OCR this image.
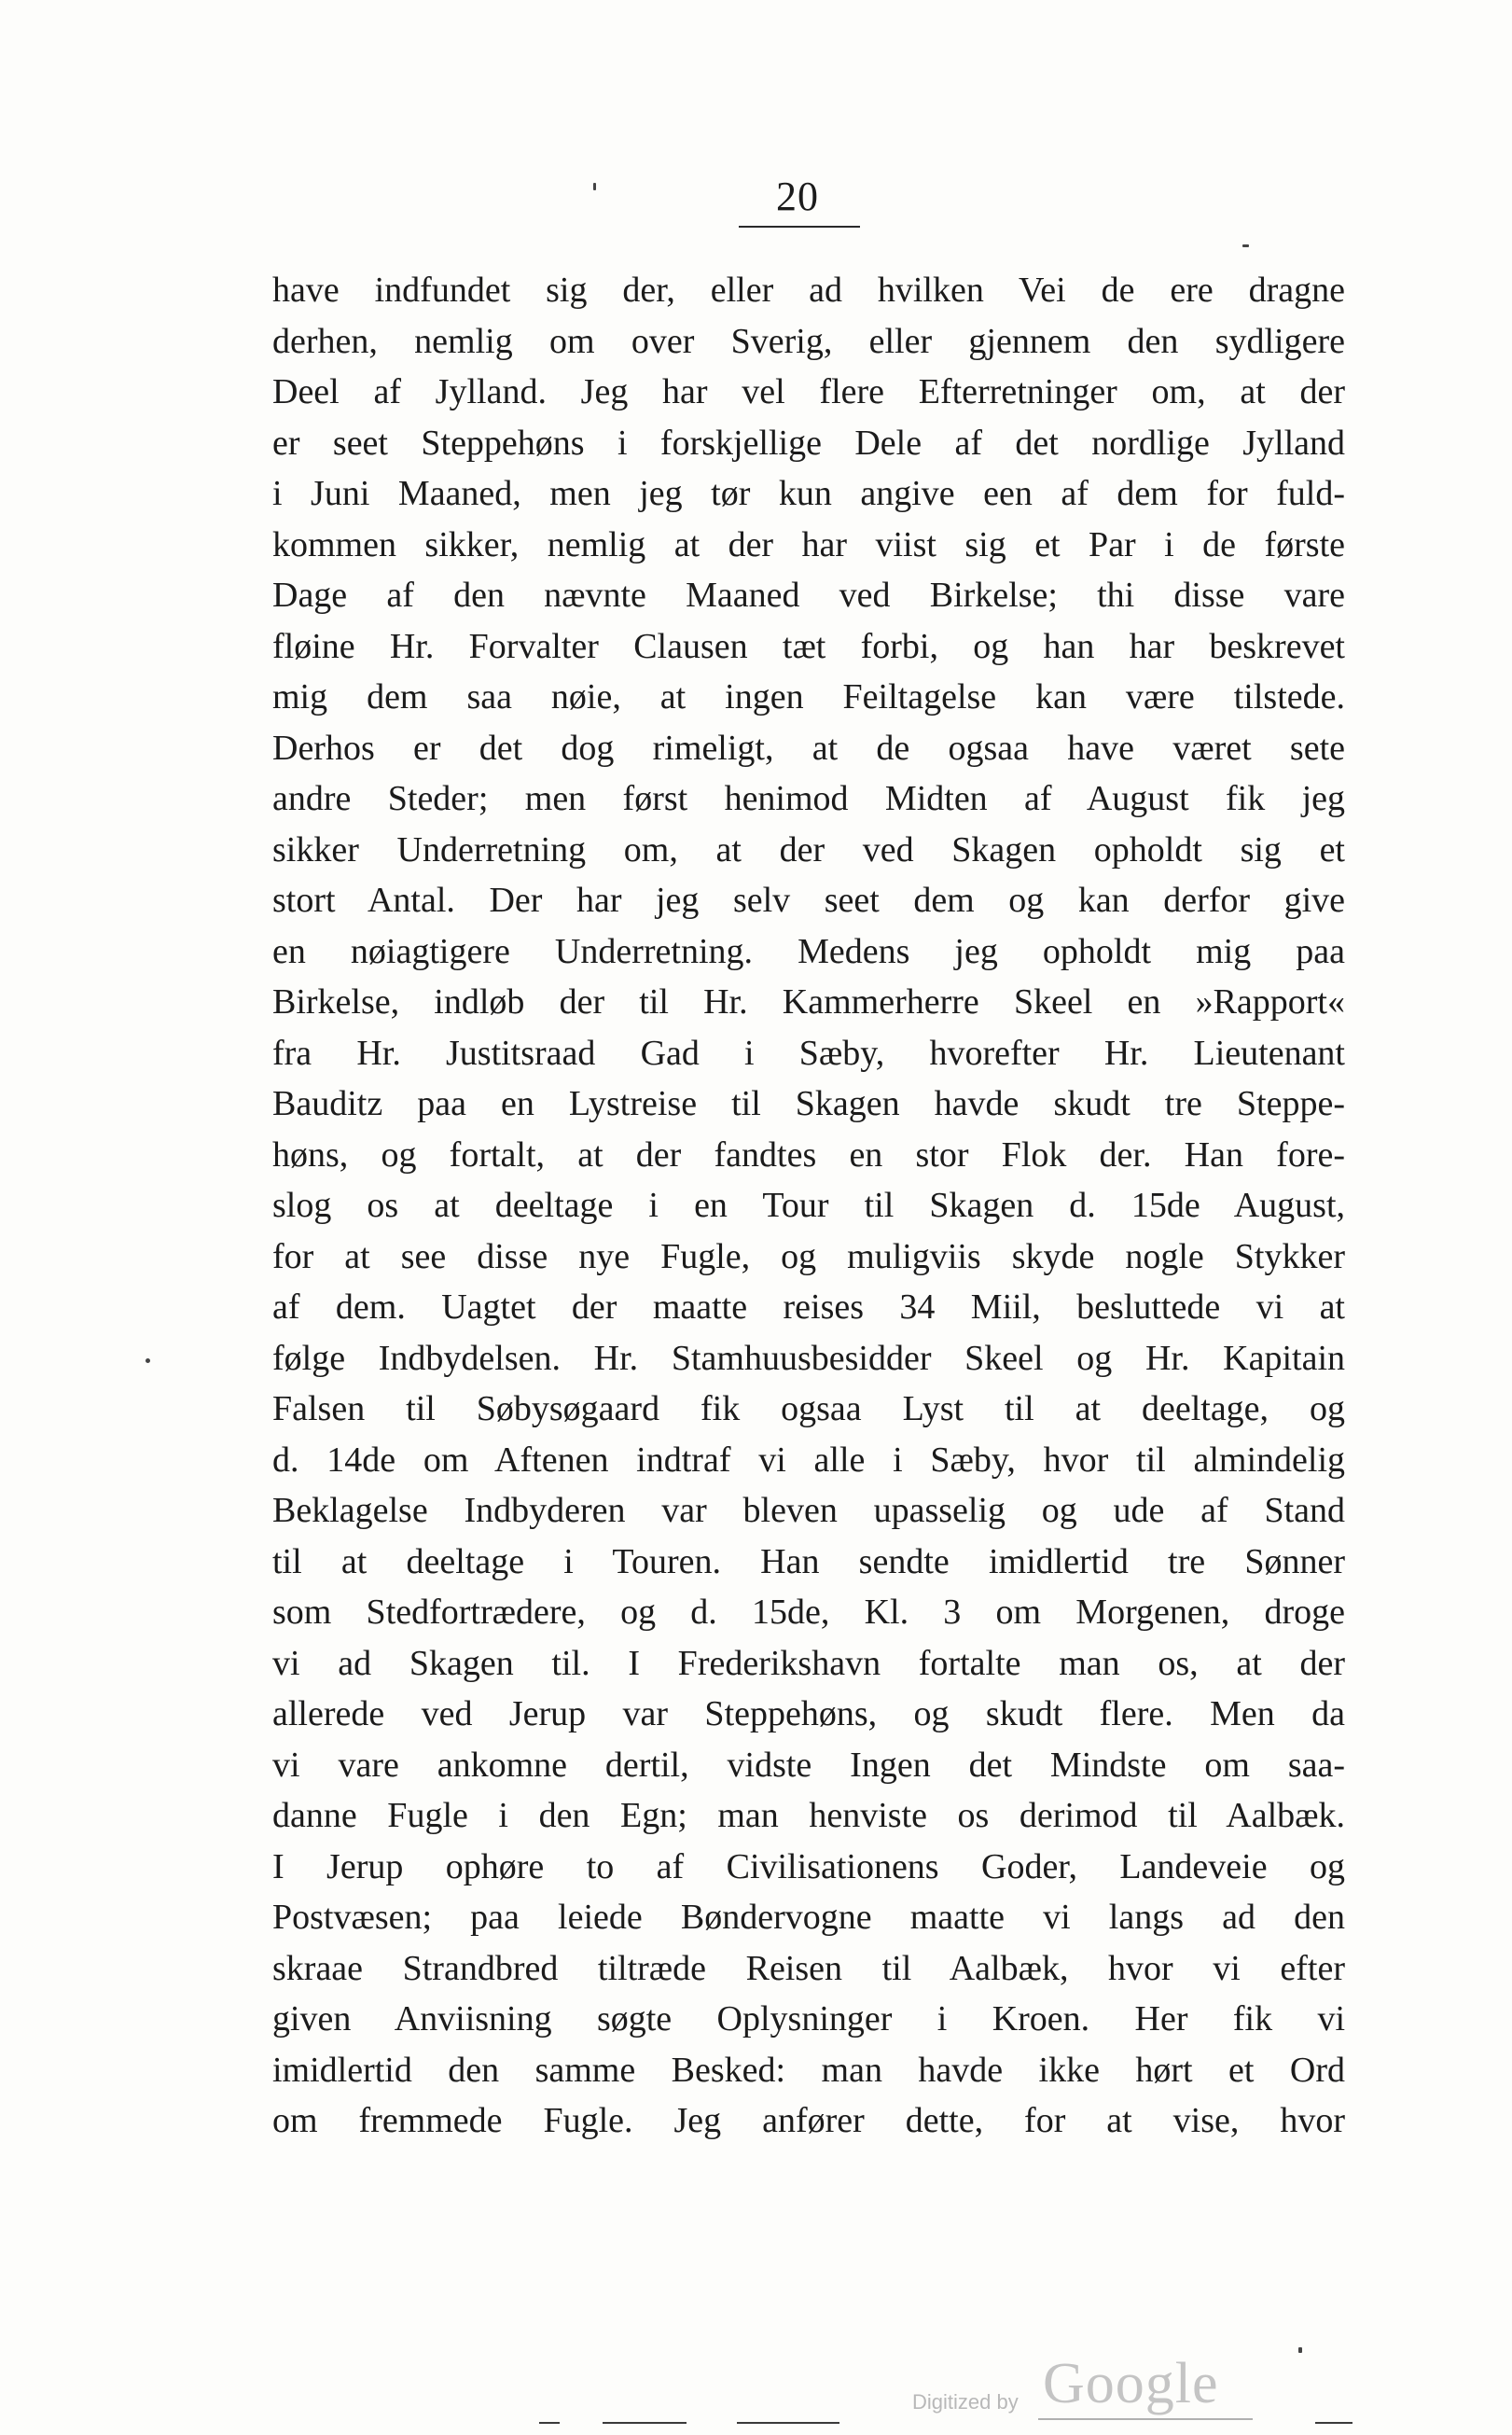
20
have indfundet sig der, eller ad hvilken Vei de ere dragne
derhen, nemlig om over Sverig, eller gjennem den sydligere
Deel af Jylland. Jeg har vel flere Efterretninger om, at der
er seet Steppehøns i forskjellige Dele af det nordlige Jylland
i Juni Maaned, men jeg tør kun angive een af dem for fuld-
kommen sikker, nemlig at der har viist sig et Par i de første
Dage af den nævnte Maaned ved Birkelse; thi disse vare
fløine Hr. Forvalter Clausen tæt forbi, og han har beskrevet
mig dem saa nøie, at ingen Feiltagelse kan være tilstede.
Derhos er det dog rimeligt, at de ogsaa have været sete
andre Steder; men først henimod Midten af August fik jeg
sikker Underretning om, at der ved Skagen opholdt sig et
stort Antal. Der har jeg selv seet dem og kan derfor give
en nøiagtigere Underretning. Medens jeg opholdt mig paa
Birkelse, indløb der til Hr. Kammerherre Skeel en »Rapport«
fra Hr. Justitsraad Gad i Sæby, hvorefter Hr. Lieutenant
Bauditz paa en Lystreise til Skagen havde skudt tre Steppe-
høns, og fortalt, at der fandtes en stor Flok der. Han fore-
slog os at deeltage i en Tour til Skagen d. 15de August,
for at see disse nye Fugle, og muligviis skyde nogle Stykker
af dem. Uagtet der maatte reises 34 Miil, besluttede vi at
følge Indbydelsen. Hr. Stamhuusbesidder Skeel og Hr. Kapitain
Falsen til Søbysøgaard fik ogsaa Lyst til at deeltage, og
d. 14de om Aftenen indtraf vi alle i Sæby, hvor til almindelig
Beklagelse Indbyderen var bleven upasselig og ude af Stand
til at deeltage i Touren. Han sendte imidlertid tre Sønner
som Stedfortrædere, og d. 15de, Kl. 3 om Morgenen, droge
vi ad Skagen til. I Frederikshavn fortalte man os, at der
allerede ved Jerup var Steppehøns, og skudt flere. Men da
vi vare ankomne dertil, vidste Ingen det Mindste om saa-
danne Fugle i den Egn; man henviste os derimod til Aalbæk.
I Jerup ophøre to af Civilisationens Goder, Landeveie og
Postvæsen; paa leiede Bøndervogne maatte vi langs ad den
skraae Strandbred tiltræde Reisen til Aalbæk, hvor vi efter
given Anviisning søgte Oplysninger i Kroen. Her fik vi
imidlertid den samme Besked: man havde ikke hørt et Ord
om fremmede Fugle. Jeg anfører dette, for at vise, hvor
Digitized by Google
